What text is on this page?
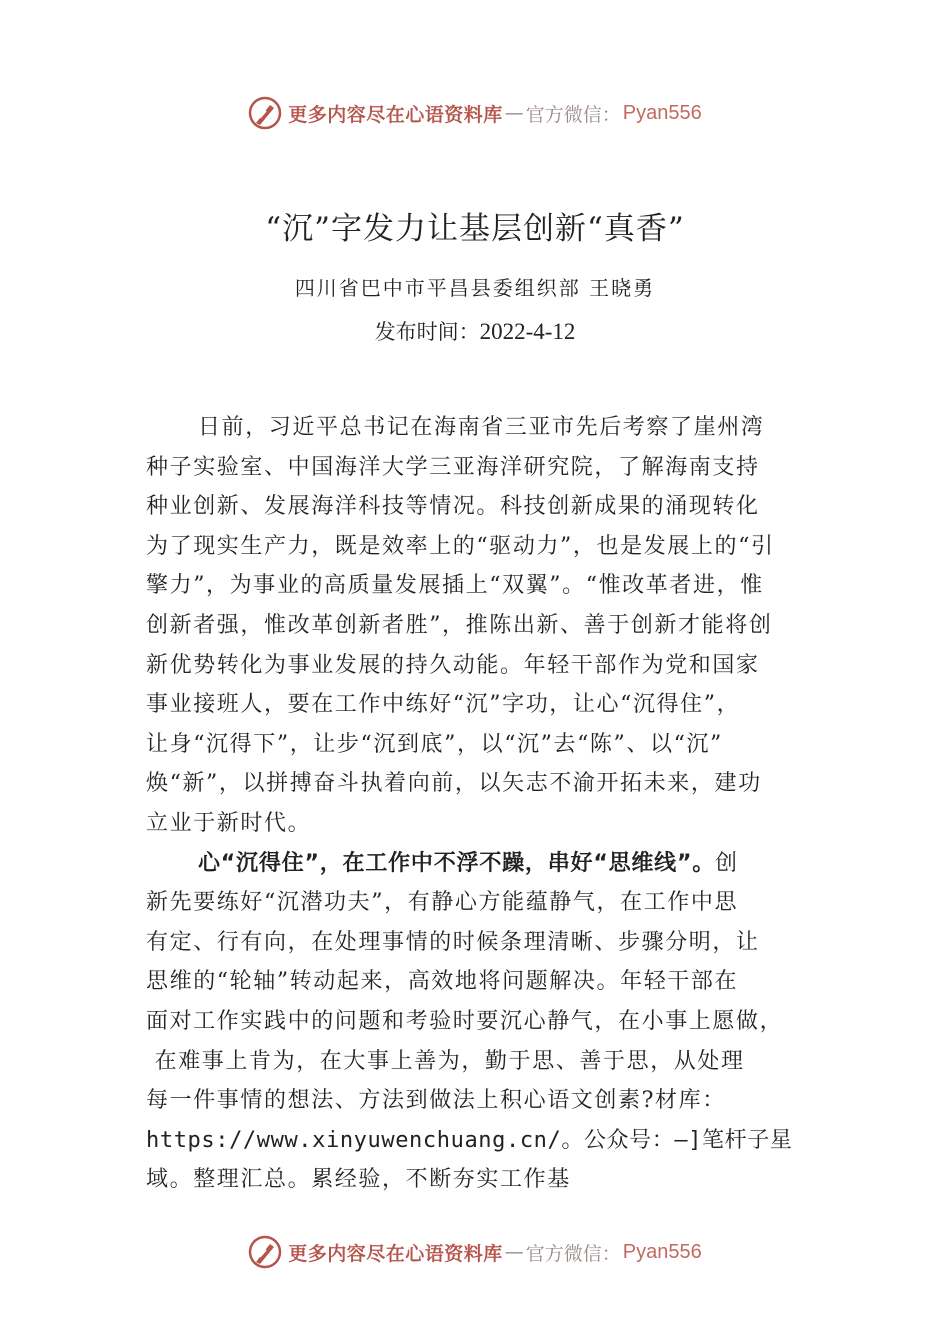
更多内容尽在心语资料库 — 官方微信： Pyan556
“沉”字发力让基层创新“真香”
四川省巴中市平昌县委组织部 王晓勇
发布时间：2022-4-12
日前，习近平总书记在海南省三亚市先后考察了崖州湾
种子实验室、中国海洋大学三亚海洋研究院，了解海南支持
种业创新、发展海洋科技等情况。科技创新成果的涌现转化
为了现实生产力，既是效率上的“驱动力”，也是发展上的“引
擎力”，为事业的高质量发展插上“双翼”。“惟改革者进，惟
创新者强，惟改革创新者胜”，推陈出新、善于创新才能将创
新优势转化为事业发展的持久动能。年轻干部作为党和国家
事业接班人，要在工作中练好“沉”字功，让心“沉得住”，
让身“沉得下”，让步“沉到底”，以“沉”去“陈”、以“沉”
焕“新”，以拼搏奋斗执着向前，以矢志不渝开拓未来，建功
立业于新时代。
心“沉得住”，在工作中不浮不躁，串好“思维线”。创
新先要练好“沉潜功夫”，有静心方能蕴静气，在工作中思
有定、行有向，在处理事情的时候条理清晰、步骤分明，让
思维的“轮轴”转动起来，高效地将问题解决。年轻干部在
面对工作实践中的问题和考验时要沉心静气，在小事上愿做，
在难事上肯为，在大事上善为，勤于思、善于思，从处理
每一件事情的想法、方法到做法上积心语文创素?材库：
https://www.xinyuwenchuang.cn/。公众号：—]笔杆子星
域。整理汇总。累经验，不断夯实工作基
更多内容尽在心语资料库 — 官方微信： Pyan556
